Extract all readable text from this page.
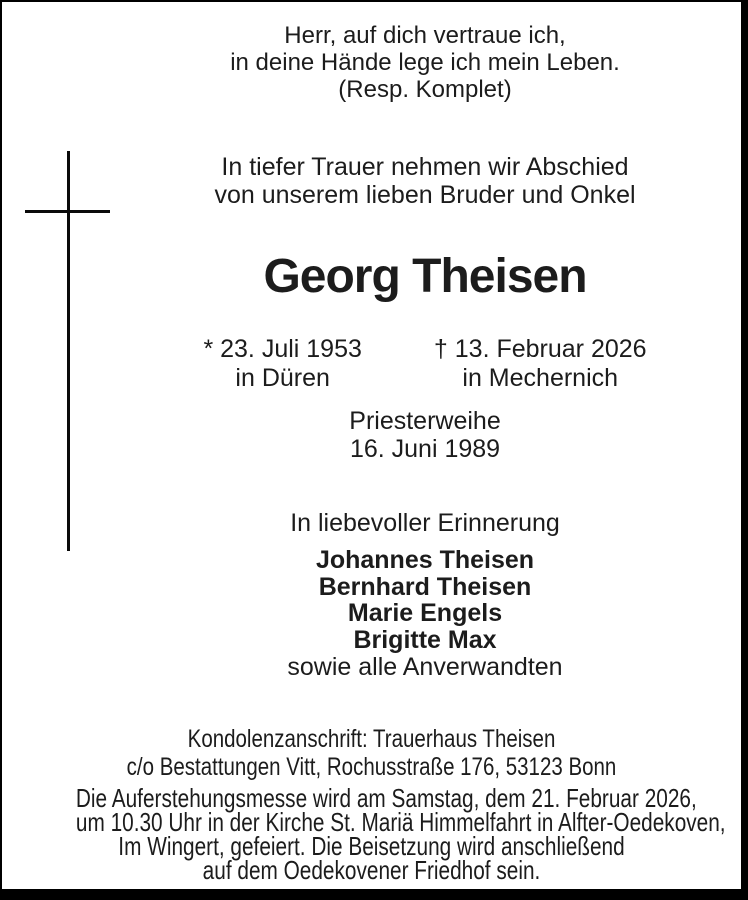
Herr, auf dich vertraue ich,
in deine Hände lege ich mein Leben.
(Resp. Komplet)
In tiefer Trauer nehmen wir Abschied
von unserem lieben Bruder und Onkel
Georg Theisen
* 23. Juli 1953
in Düren
† 13. Februar 2026
in Mechernich
Priesterweihe
16. Juni 1989
In liebevoller Erinnerung
Johannes Theisen
Bernhard Theisen
Marie Engels
Brigitte Max
sowie alle Anverwandten
Kondolenzanschrift: Trauerhaus Theisen
c/o Bestattungen Vitt, Rochusstraße 176, 53123 Bonn
Die Auferstehungsmesse wird am Samstag, dem 21. Februar 2026,
um 10.30 Uhr in der Kirche St. Mariä Himmelfahrt in Alfter-Oedekoven,
Im Wingert, gefeiert. Die Beisetzung wird anschließend
auf dem Oedekovener Friedhof sein.
